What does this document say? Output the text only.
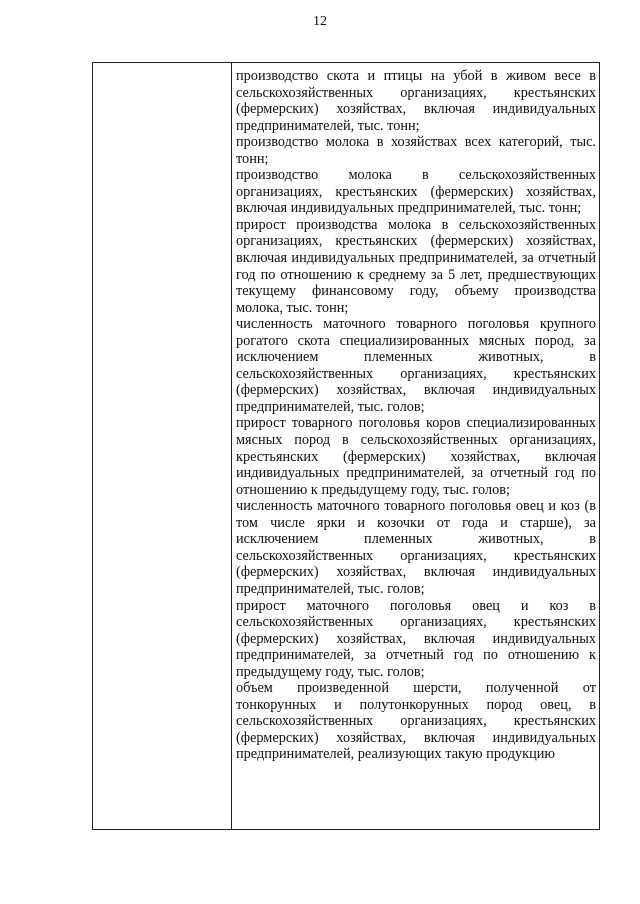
12

производство скота и птицы на убой в живом весе в сельскохозяйственных организациях, крестьянских (фермерских) хозяйствах, включая индивидуальных предпринимателей, тыс. тонн;

производство молока в хозяйствах всех категорий, тыс. тонн;

производство молока в сельскохозяйственных организациях, крестьянских (фермерских) хозяйствах, включая индивидуальных предпринимателей, тыс. тонн;

прирост производства молока в сельскохозяйственных организациях, крестьянских (фермерских) хозяйствах, включая индивидуальных предпринимателей, за отчетный год по отношению к среднему за 5 лет, предшествующих текущему финансовому году, объему производства молока, тыс. тонн;

численность маточного товарного поголовья крупного рогатого скота специализированных мясных пород, за исключением племенных животных, в сельскохозяйственных организациях, крестьянских (фермерских) хозяйствах, включая индивидуальных предпринимателей, тыс. голов;

прирост товарного поголовья коров специализированных мясных пород в сельскохозяйственных организациях, крестьянских (фермерских) хозяйствах, включая индивидуальных предпринимателей, за отчетный год по отношению к предыдущему году, тыс. голов;

численность маточного товарного поголовья овец и коз (в том числе ярки и козочки от года и старше), за исключением племенных животных, в сельскохозяйственных организациях, крестьянских (фермерских) хозяйствах, включая индивидуальных предпринимателей, тыс. голов;

прирост маточного поголовья овец и коз в сельскохозяйственных организациях, крестьянских (фермерских) хозяйствах, включая индивидуальных предпринимателей, за отчетный год по отношению к предыдущему году, тыс. голов;

объем произведенной шерсти, полученной от тонкорунных и полутонкорунных пород овец, в сельскохозяйственных организациях, крестьянских (фермерских) хозяйствах, включая индивидуальных предпринимателей, реализующих такую продукцию
